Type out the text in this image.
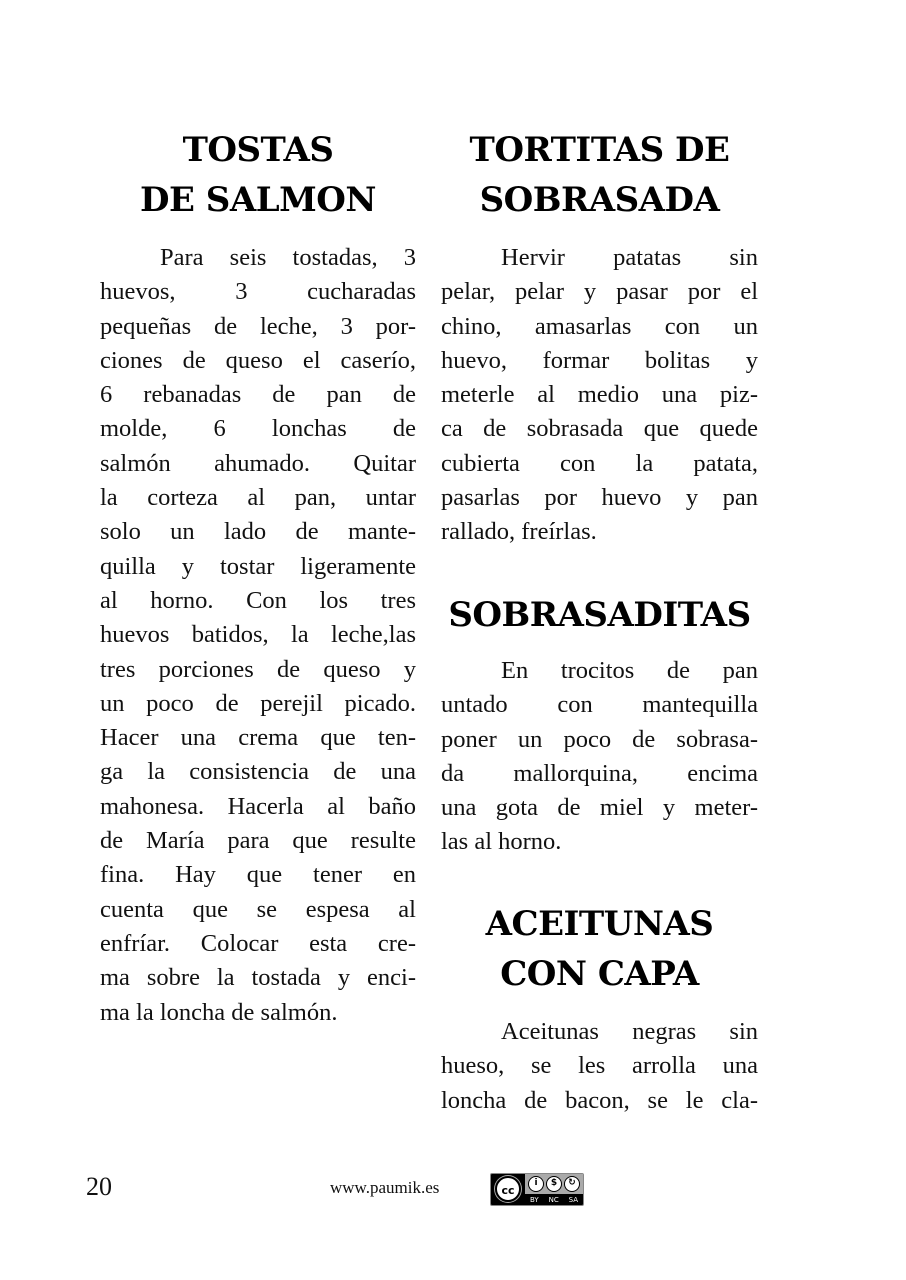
TOSTAS
DE SALMON
Para seis tostadas, 3
huevos, 3 cucharadas
pequeñas de leche, 3 por-
ciones de queso el caserío,
6 rebanadas de pan de
molde, 6 lonchas de
salmón ahumado. Quitar
la corteza al pan, untar
solo un lado de mante-
quilla y tostar ligeramente
al horno. Con los tres
huevos batidos, la leche,las
tres porciones de queso y
un poco de perejil picado.
Hacer una crema que ten-
ga la consistencia de una
mahonesa. Hacerla al baño
de María para que resulte
fina. Hay que tener en
cuenta que se espesa al
enfríar. Colocar esta cre-
ma sobre la tostada y enci-
ma la loncha de salmón.
TORTITAS DE
SOBRASADA
Hervir patatas sin
pelar, pelar y pasar por el
chino, amasarlas con un
huevo, formar bolitas y
meterle al medio una piz-
ca de sobrasada que quede
cubierta con la patata,
pasarlas por huevo y pan
rallado, freírlas.
SOBRASADITAS
En trocitos de pan
untado con mantequilla
poner un poco de sobrasa-
da mallorquina, encima
una gota de miel y meter-
las al horno.
ACEITUNAS
CON CAPA
Aceitunas negras sin
hueso, se les arrolla una
loncha de bacon, se le cla-
20	www.paumik.es	cc
i	$	↻
BY NC SA
